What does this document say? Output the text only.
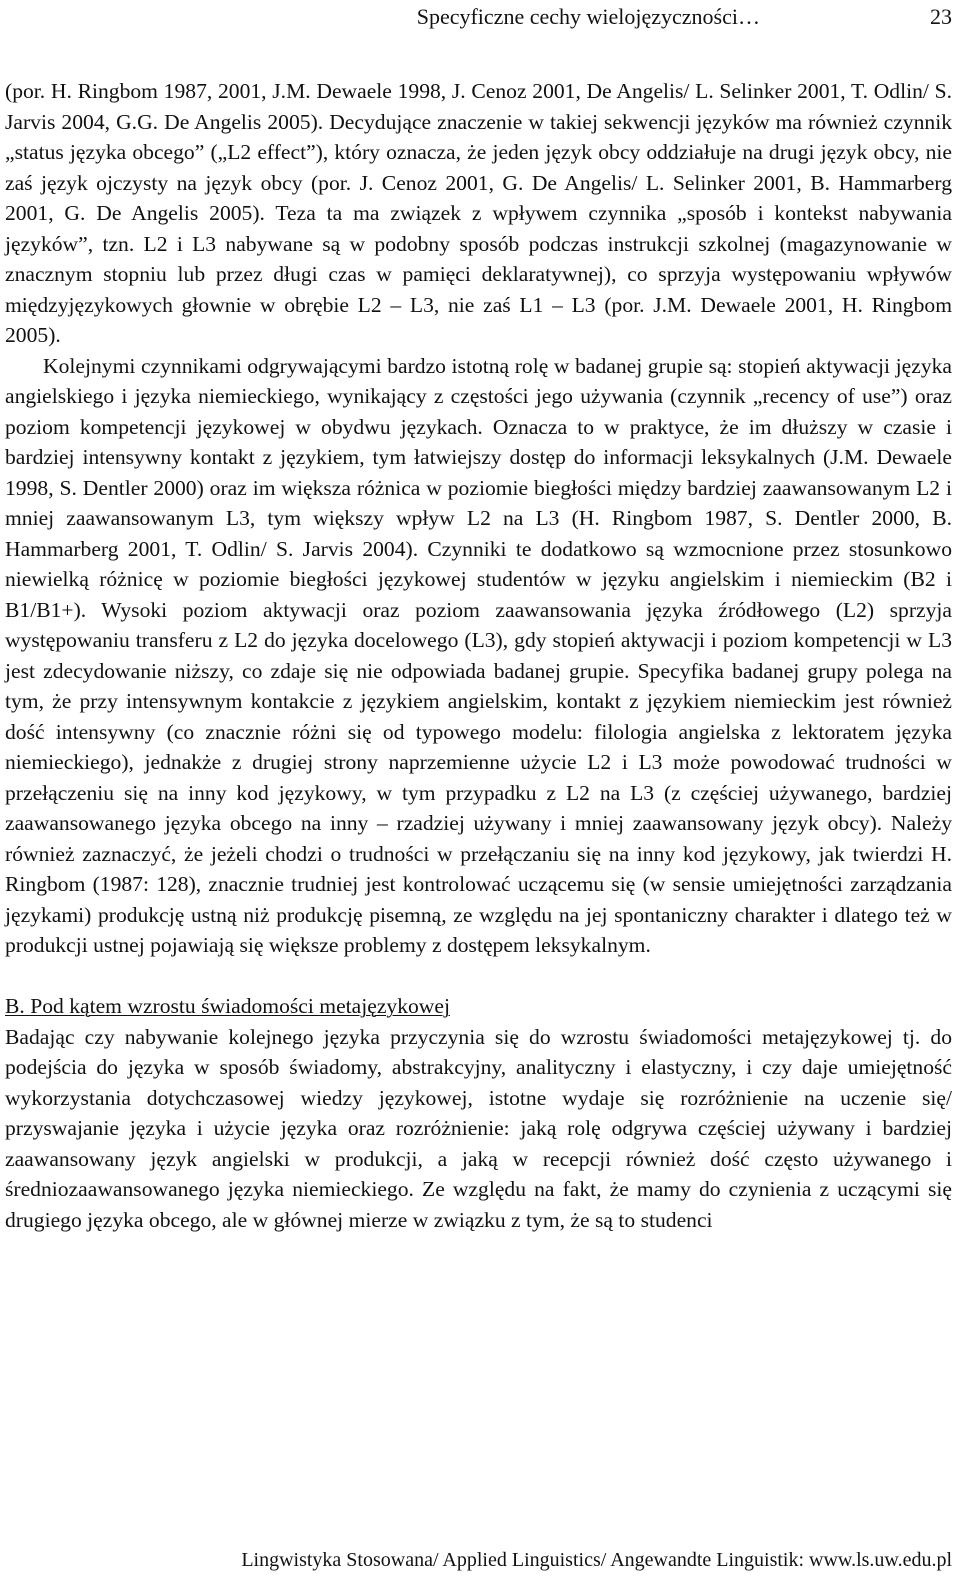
Specyficzne cechy wielojęzyczności…	23

(por. H. Ringbom 1987, 2001, J.M. Dewaele 1998, J. Cenoz 2001, De Angelis/ L. Selinker 2001, T. Odlin/ S. Jarvis 2004, G.G. De Angelis 2005). Decydujące znaczenie w takiej sekwencji języków ma również czynnik „status języka obcego” („L2 effect”), który oznacza, że jeden język obcy oddziałuje na drugi język obcy, nie zaś język ojczysty na język obcy (por. J. Cenoz 2001, G. De Angelis/ L. Selinker 2001, B. Hammarberg 2001, G. De Angelis 2005). Teza ta ma związek z wpływem czynnika „sposób i kontekst nabywania języków”, tzn. L2 i L3 nabywane są w podobny sposób podczas instrukcji szkolnej (magazynowanie w znacznym stopniu lub przez długi czas w pamięci deklaratywnej), co sprzyja występowaniu wpływów międzyjęzykowych głownie w obrębie L2 – L3, nie zaś L1 – L3 (por. J.M. Dewaele 2001, H. Ringbom 2005).

Kolejnymi czynnikami odgrywającymi bardzo istotną rolę w badanej grupie są: stopień aktywacji języka angielskiego i języka niemieckiego, wynikający z częstości jego używania (czynnik „recency of use”) oraz poziom kompetencji językowej w obydwu językach. Oznacza to w praktyce, że im dłuższy w czasie i bardziej intensywny kontakt z językiem, tym łatwiejszy dostęp do informacji leksykalnych (J.M. Dewaele 1998, S. Dentler 2000) oraz im większa różnica w poziomie biegłości między bardziej zaawansowanym L2 i mniej zaawansowanym L3, tym większy wpływ L2 na L3 (H. Ringbom 1987, S. Dentler 2000, B. Hammarberg 2001, T. Odlin/ S. Jarvis 2004). Czynniki te dodatkowo są wzmocnione przez stosunkowo niewielką różnicę w poziomie biegłości językowej studentów w języku angielskim i niemieckim (B2 i B1/B1+). Wysoki poziom aktywacji oraz poziom zaawansowania języka źródłowego (L2) sprzyja występowaniu transferu z L2 do języka docelowego (L3), gdy stopień aktywacji i poziom kompetencji w L3 jest zdecydowanie niższy, co zdaje się nie odpowiada badanej grupie. Specyfika badanej grupy polega na tym, że przy intensywnym kontakcie z językiem angielskim, kontakt z językiem niemieckim jest również dość intensywny (co znacznie różni się od typowego modelu: filologia angielska z lektoratem języka niemieckiego), jednakże z drugiej strony naprzemienne użycie L2 i L3 może powodować trudności w przełączeniu się na inny kod językowy, w tym przypadku z L2 na L3 (z częściej używanego, bardziej zaawansowanego języka obcego na inny – rzadziej używany i mniej zaawansowany język obcy). Należy również zaznaczyć, że jeżeli chodzi o trudności w przełączaniu się na inny kod językowy, jak twierdzi H. Ringbom (1987: 128), znacznie trudniej jest kontrolować uczącemu się (w sensie umiejętności zarządzania językami) produkcję ustną niż produkcję pisemną, ze względu na jej spontaniczny charakter i dlatego też w produkcji ustnej pojawiają się większe problemy z dostępem leksykalnym.

B. Pod kątem wzrostu świadomości metajęzykowej

Badając czy nabywanie kolejnego języka przyczynia się do wzrostu świadomości metajęzykowej tj. do podejścia do języka w sposób świadomy, abstrakcyjny, analityczny i elastyczny, i czy daje umiejętność wykorzystania dotychczasowej wiedzy językowej, istotne wydaje się rozróżnienie na uczenie się/ przyswajanie języka i użycie języka oraz rozróżnienie: jaką rolę odgrywa częściej używany i bardziej zaawansowany język angielski w produkcji, a jaką w recepcji również dość często używanego i średniozaawansowanego języka niemieckiego. Ze względu na fakt, że mamy do czynienia z uczącymi się drugiego języka obcego, ale w głównej mierze w związku z tym, że są to studenci

Lingwistyka Stosowana/ Applied Linguistics/ Angewandte Linguistik: www.ls.uw.edu.pl
